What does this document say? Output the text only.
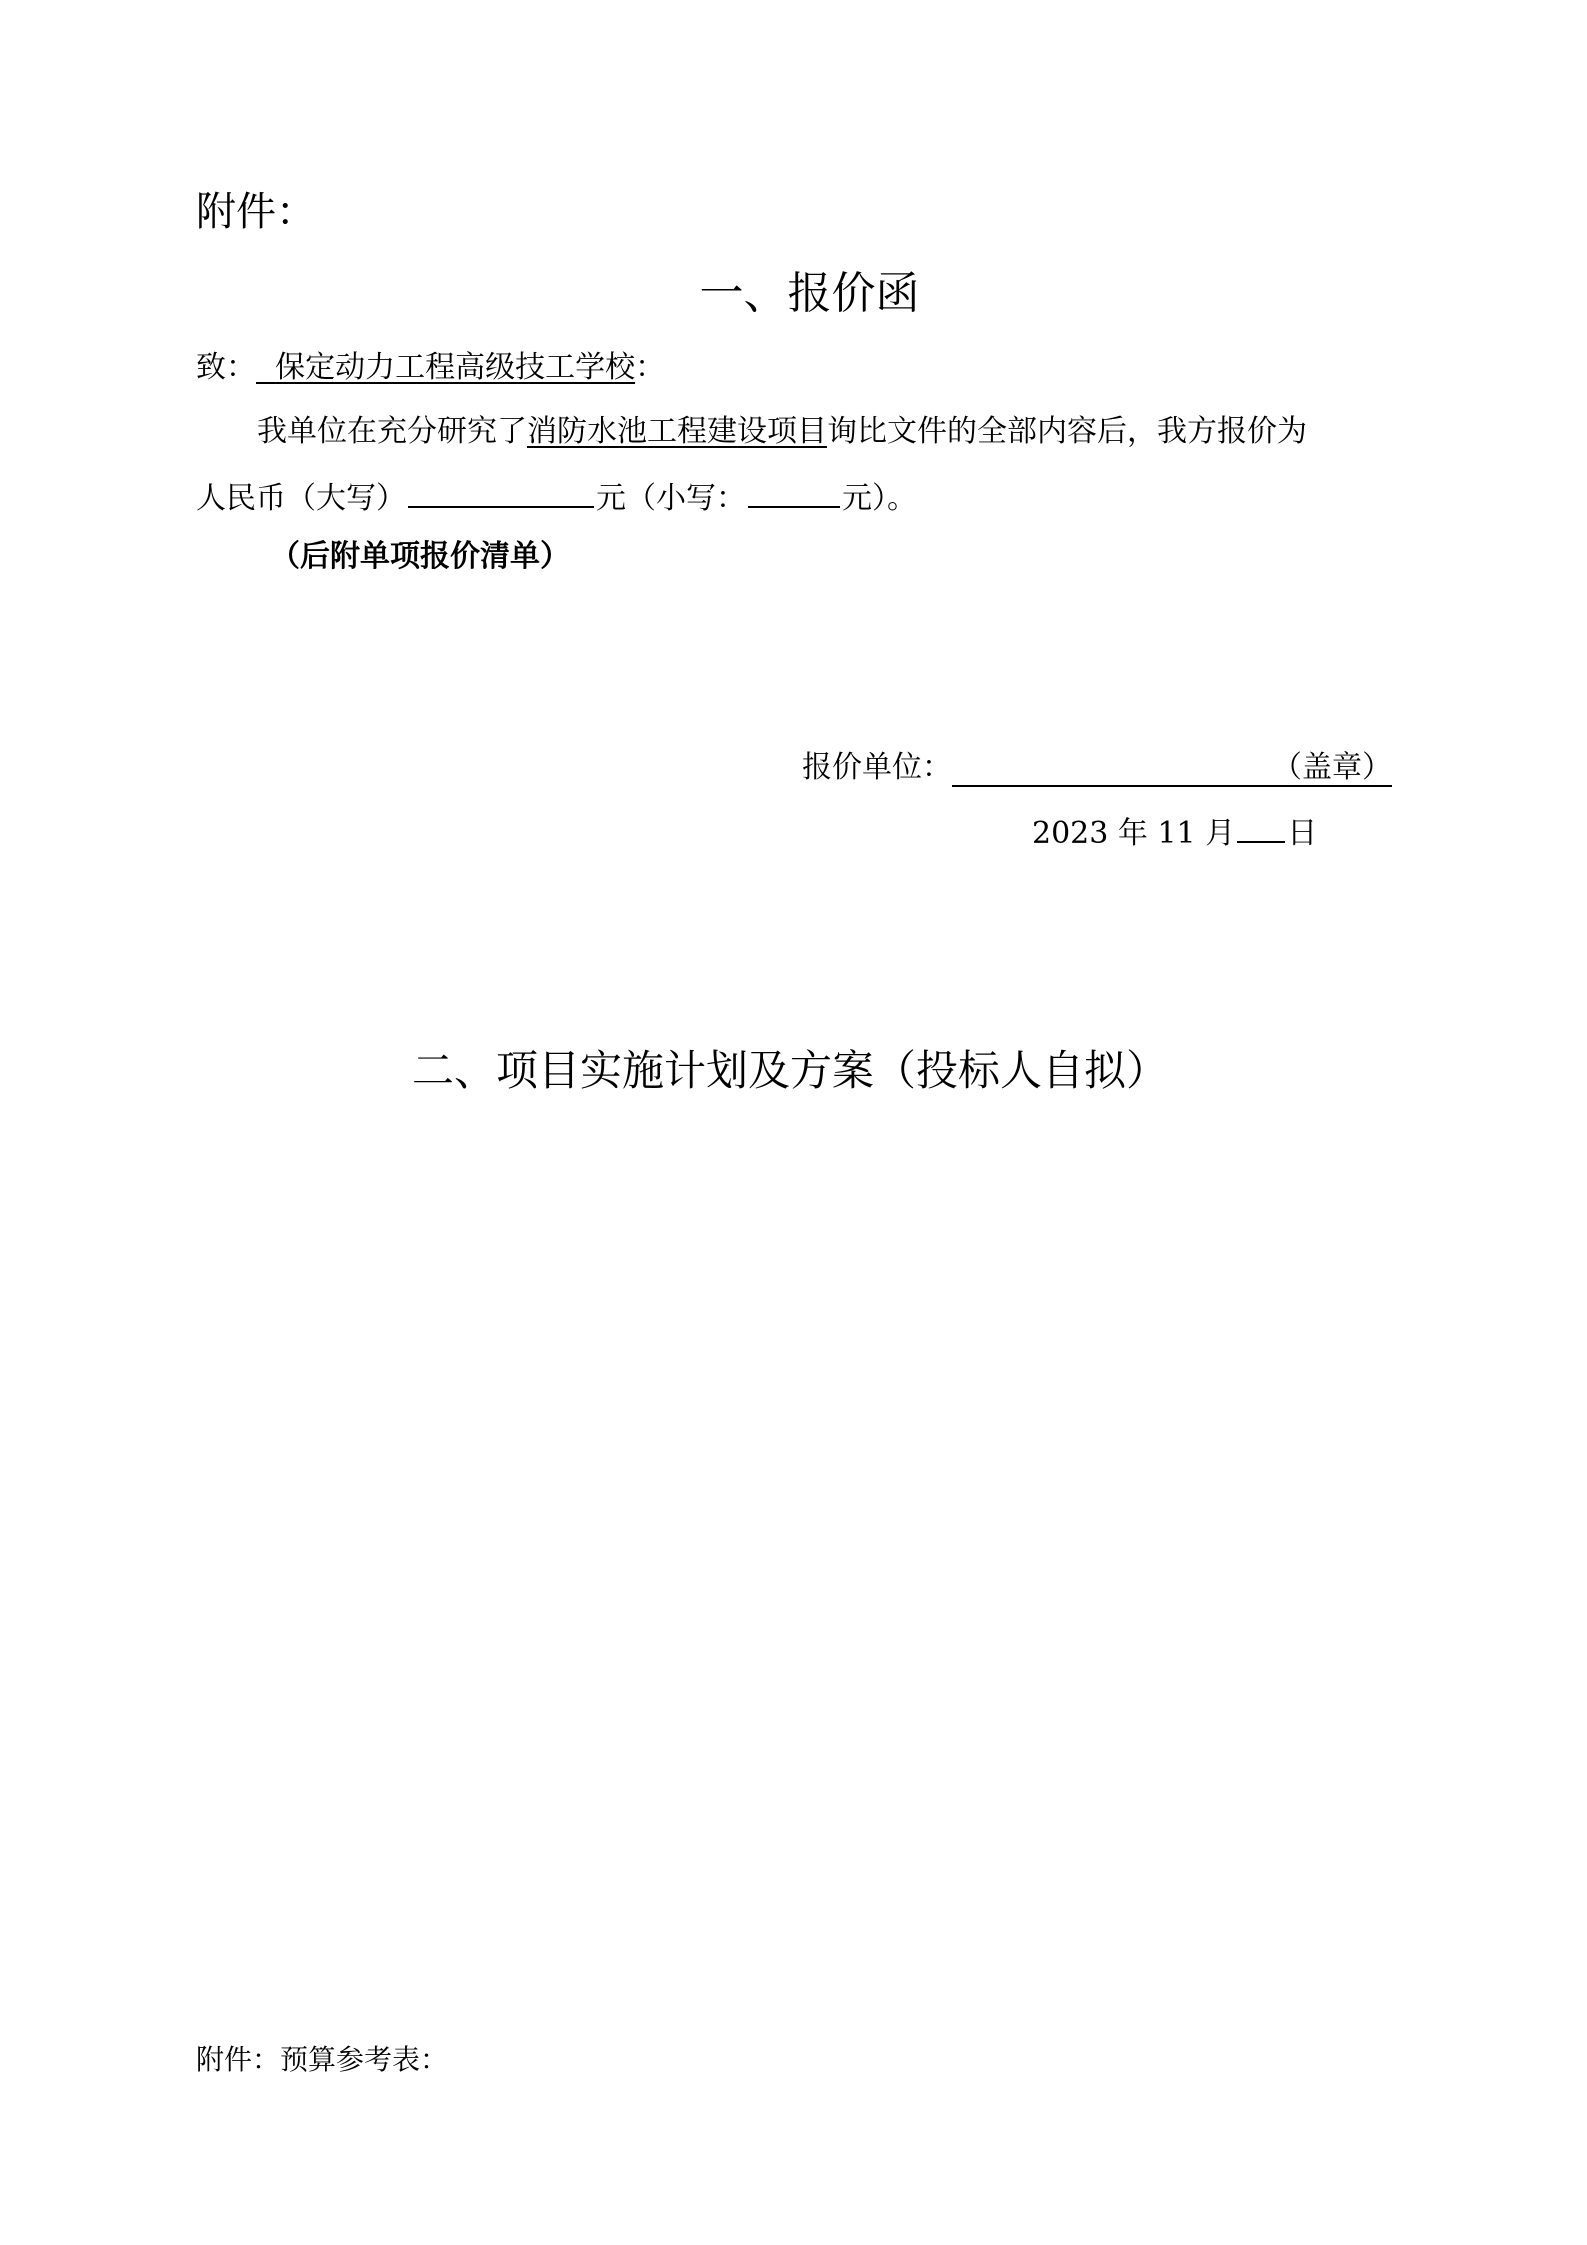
附件：
一、报价函
致： 保定动力工程高级技工学校：
我单位在充分研究了消防水池工程建设项目询比文件的全部内容后，我方报价为
人民币（大写）	元（小写：	元）。
（后附单项报价清单）
报价单位：	（盖章）
2023 年 11 月 日
二、项目实施计划及方案（投标人自拟）
附件：预算参考表：
